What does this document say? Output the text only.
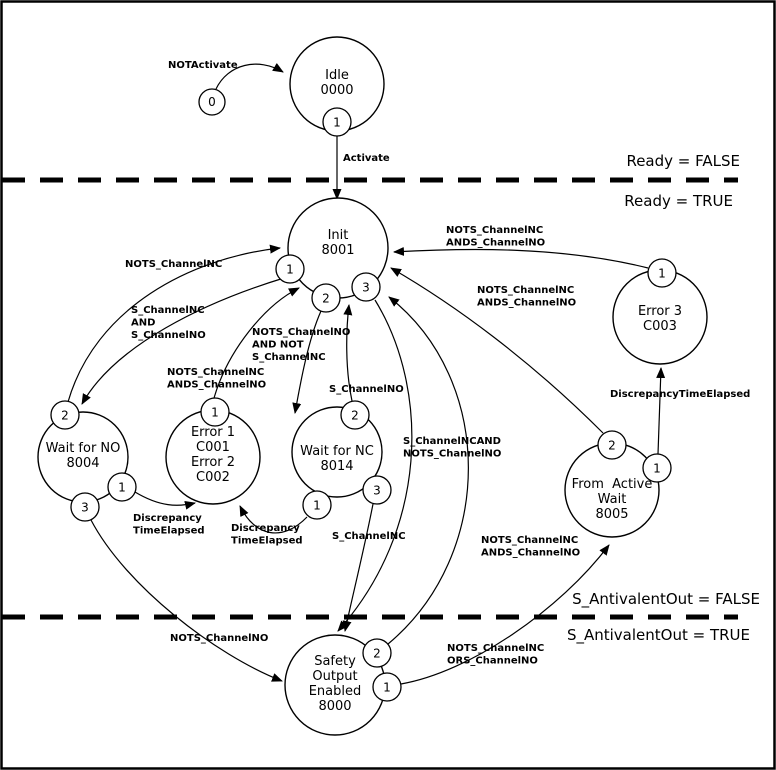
0
1
1
2
3
2
1
3
1	2
3
1
1
2
1
2
1
Idle 0000
Init 8001
Wait for NO 8004
Error 1 C001 Error 2 C002
Wait for NC 8014
Error 3 C003
From  Active Wait 8005
Safety Output Enabled 8000
NOTActivate
Activate
NOTS_ChannelNC
S_ChannelNC AND S_ChannelNO
NOTS_ChannelNC ANDS_ChannelNO
NOTS_ChannelNO AND NOT S_ChannelNC
S_ChannelNO
Discrepancy TimeElapsed	Discrepancy TimeElapsed	S_ChannelNC
S_ChannelNCAND NOTS_ChannelNO
NOTS_ChannelNO
NOTS_ChannelNC ORS_ChannelNO
NOTS_ChannelNC ANDS_ChannelNO
NOTS_ChannelNC ANDS_ChannelNO
DiscrepancyTimeElapsed
NOTS_ChannelNC ANDS_ChannelNO
Ready = FALSE
Ready = TRUE
S_AntivalentOut = FALSE
S_AntivalentOut = TRUE
